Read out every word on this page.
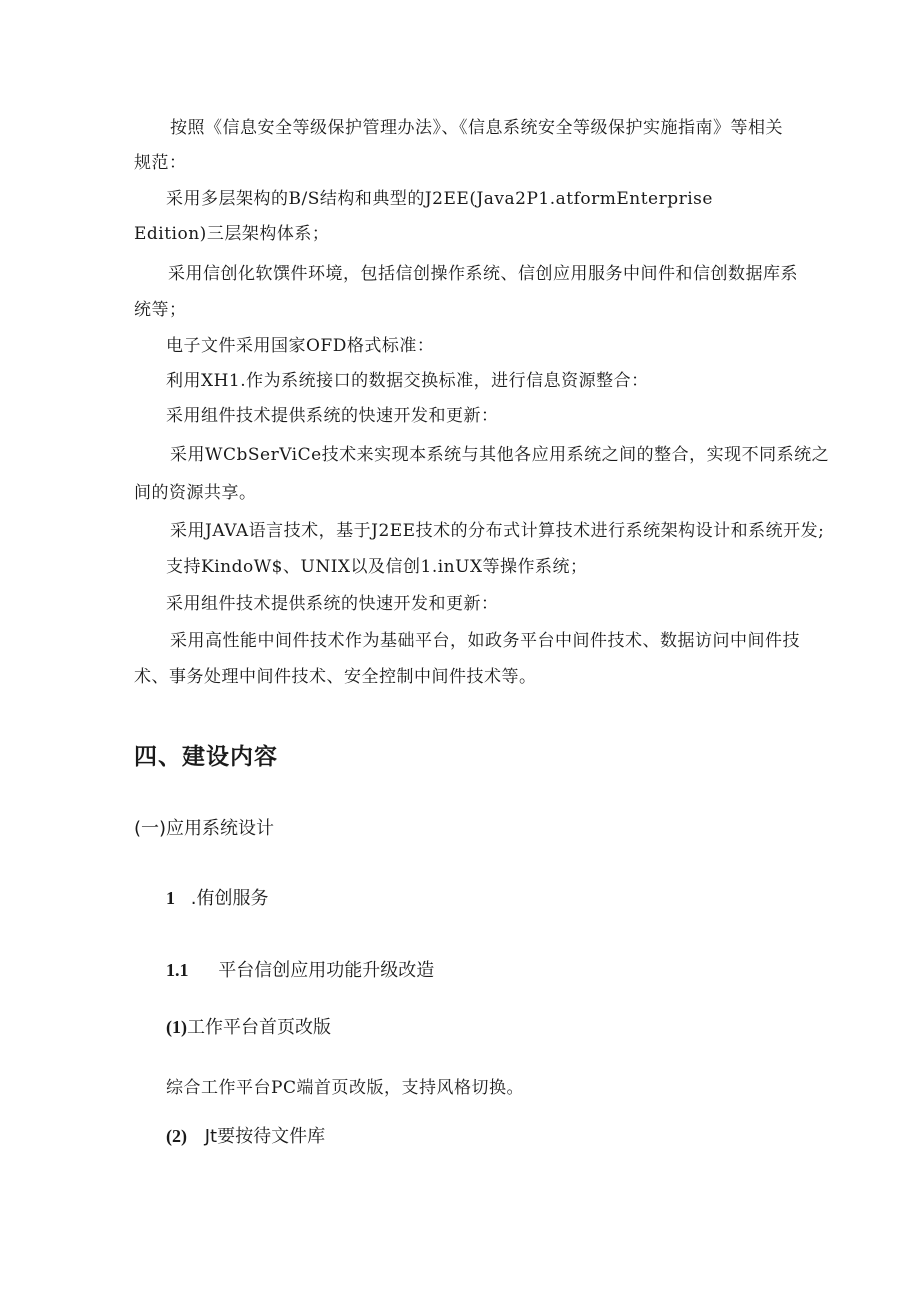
按照《信息安全等级保护管理办法》、《信息系统安全等级保护实施指南》等相关
规范：
采用多层架构的B/S结构和典型的J2EE(Java2P1.atformEnterprise
Edition)三层架构体系；
采用信创化软馔件环境，包括信创操作系统、信创应用服务中间件和信创数据库系
统等；
电子文件采用国家OFD格式标准：
利用XH1.作为系统接口的数据交换标准，进行信息资源整合：
采用组件技术提供系统的快速开发和更新：
采用WCbSerViCe技术来实现本系统与其他各应用系统之间的整合，实现不同系统之
间的资源共享。
采用JAVA语言技术，基于J2EE技术的分布式计算技术进行系统架构设计和系统开发;
支持KindoW$、UNIX以及信创1.inUX等操作系统；
采用组件技术提供系统的快速开发和更新：
采用高性能中间件技术作为基础平台，如政务平台中间件技术、数据访问中间件技
术、事务处理中间件技术、安全控制中间件技术等。
四、建设内容
(一)应用系统设计
1 .侑创服务
1.1 平台信创应用功能升级改造
(1)工作平台首页改版
综合工作平台PC端首页改版，支持风格切换。
(2) Jt要按待文件库
